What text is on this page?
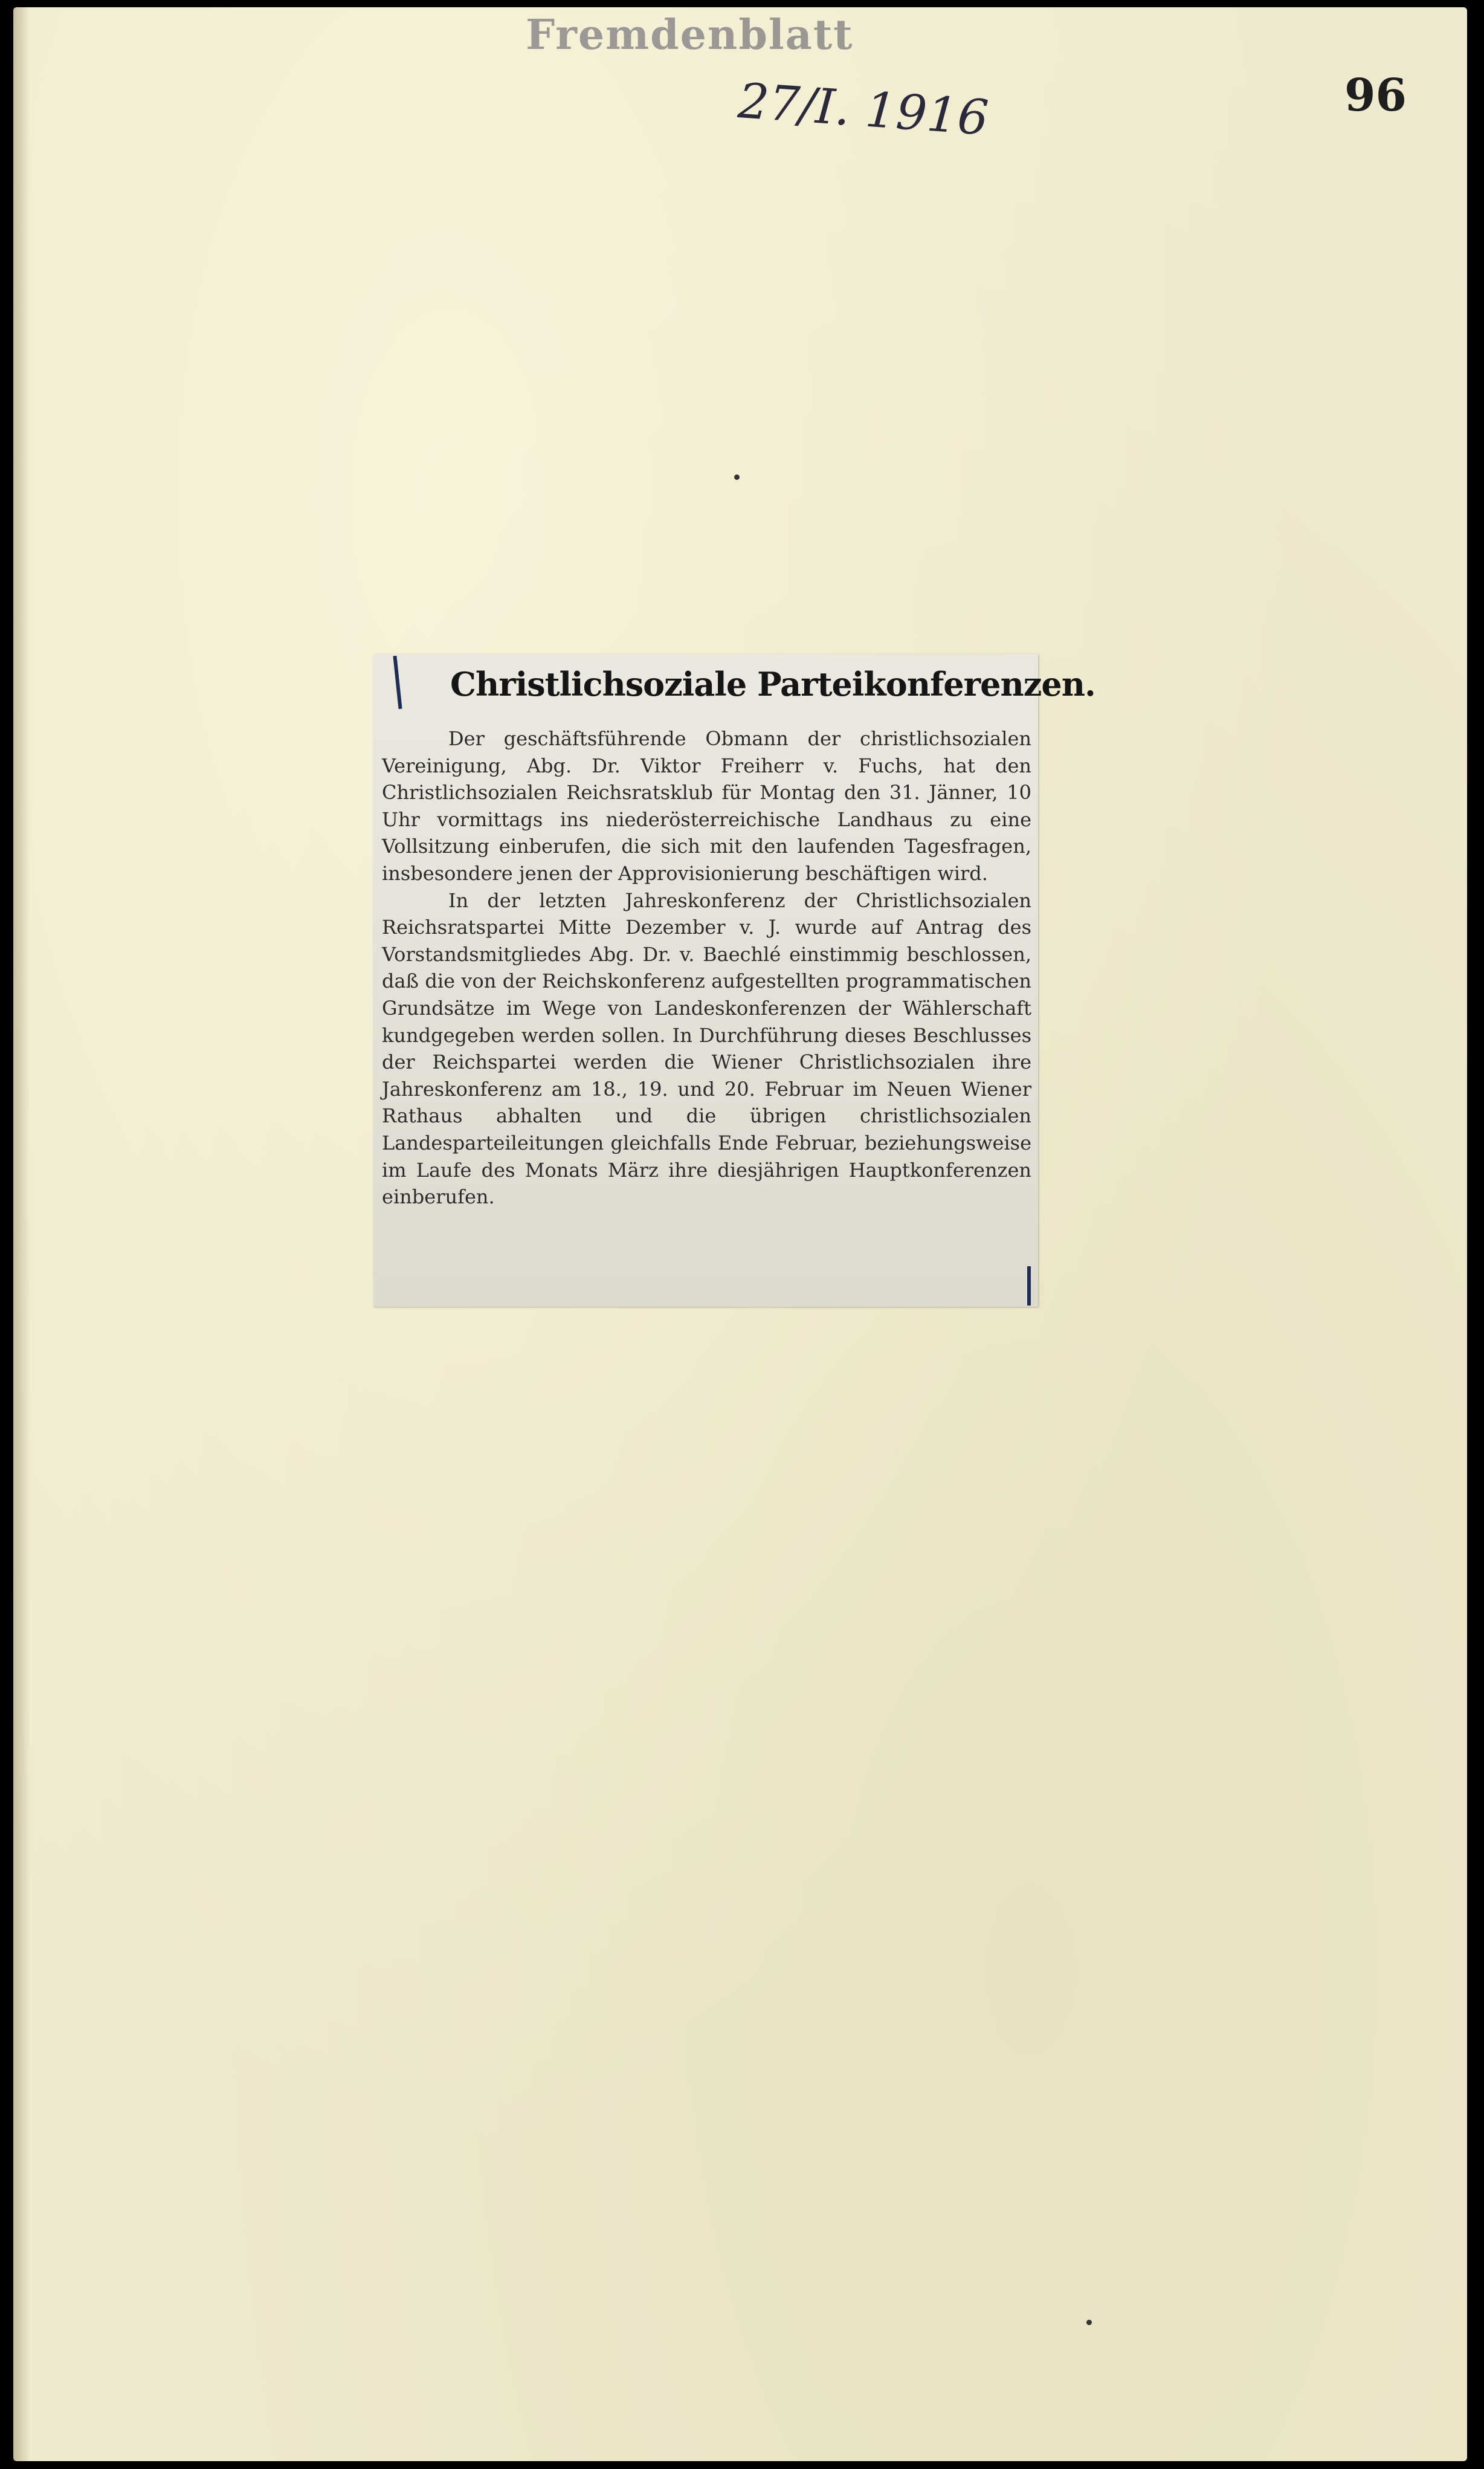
Fremdenblatt
27/I. 1916	96
Christlichsoziale Parteikonferenzen.

Der geschäftsführende Obmann der christlichsozialen Vereinigung, Abg. Dr. Viktor Freiherr v. Fuchs, hat den Christlichsozialen Reichsratsklub für Montag den 31. Jänner, 10 Uhr vormittags ins niederösterreichische Landhaus zu eine Vollsitzung einberufen, die sich mit den laufenden Tagesfragen, insbesondere jenen der Approvisionierung beschäftigen wird.

In der letzten Jahreskonferenz der Christlichsozialen Reichsratspartei Mitte Dezember v. J. wurde auf Antrag des Vorstandsmitgliedes Abg. Dr. v. Baechlé einstimmig beschlossen, daß die von der Reichskonferenz aufgestellten programmatischen Grundsätze im Wege von Landeskonferenzen der Wählerschaft kundgegeben werden sollen. In Durchführung dieses Beschlusses der Reichspartei werden die Wiener Christlichsozialen ihre Jahreskonferenz am 18., 19. und 20. Februar im Neuen Wiener Rathaus abhalten und die übrigen christlichsozialen Landesparteileitungen gleichfalls Ende Februar, beziehungsweise im Laufe des Monats März ihre diesjährigen Hauptkonferenzen einberufen.
